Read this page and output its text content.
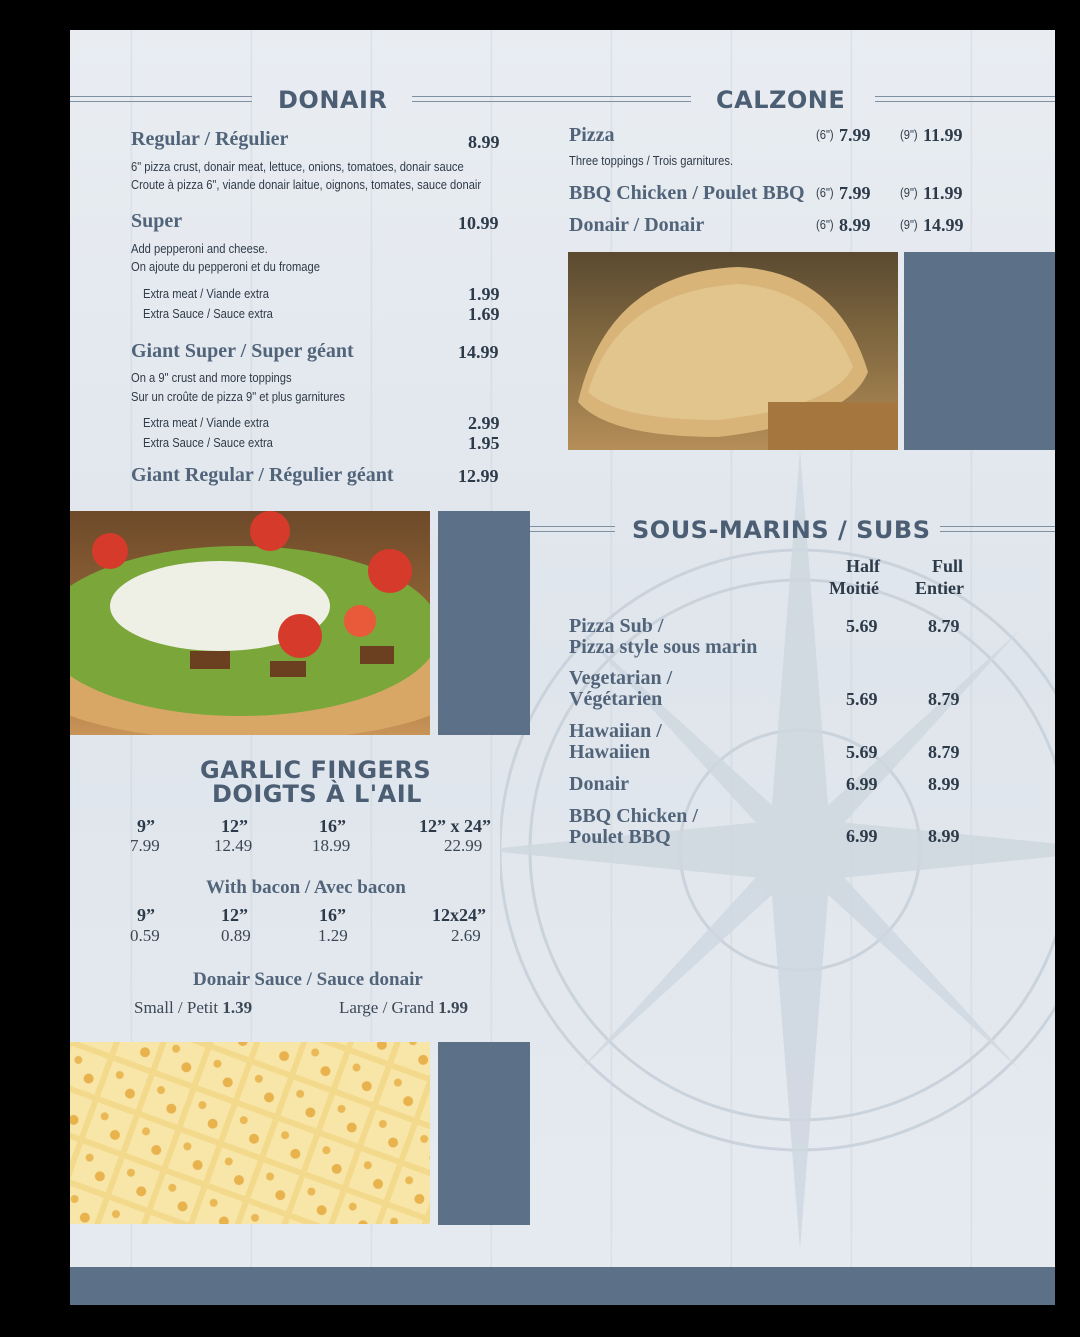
DONAIR
Regular / Régulier	8.99
6" pizza crust, donair meat, lettuce, onions, tomatoes, donair sauce
Croute à pizza 6", viande donair laitue, oignons, tomates, sauce donair
Super	10.99
Add pepperoni and cheese.
On ajoute du pepperoni et du fromage
Extra meat / Viande extra	1.99
Extra Sauce / Sauce extra	1.69
Giant Super / Super géant	14.99
On a 9" crust and more toppings
Sur un croûte de pizza 9" et plus garnitures
Extra meat / Viande extra	2.99
Extra Sauce / Sauce extra	1.95
Giant Regular / Régulier géant	12.99
GARLIC FINGERS
DOIGTS À L'AIL
9”	12”	16”	12” x 24”
7.99	12.49	18.99	22.99
With bacon / Avec bacon
9”	12”	16”	12x24”
0.59	0.89	1.29	2.69
Donair Sauce / Sauce donair
Small / Petit 1.39	Large / Grand 1.99
CALZONE
Pizza	(6") 7.99 (9") 11.99
Three toppings / Trois garnitures.
BBQ Chicken / Poulet BBQ (6") 7.99 (9") 11.99
Donair / Donair	(6") 8.99 (9") 14.99
SOUS-MARINS / SUBS
Half
Moitié
Full
Entier
Pizza Sub /
Pizza style sous marin
5.69	8.79
Vegetarian /
Végétarien	5.69	8.79
Hawaiian /
Hawaiien	5.69	8.79
Donair	6.99	8.99
BBQ Chicken /
Poulet BBQ	6.99	8.99
